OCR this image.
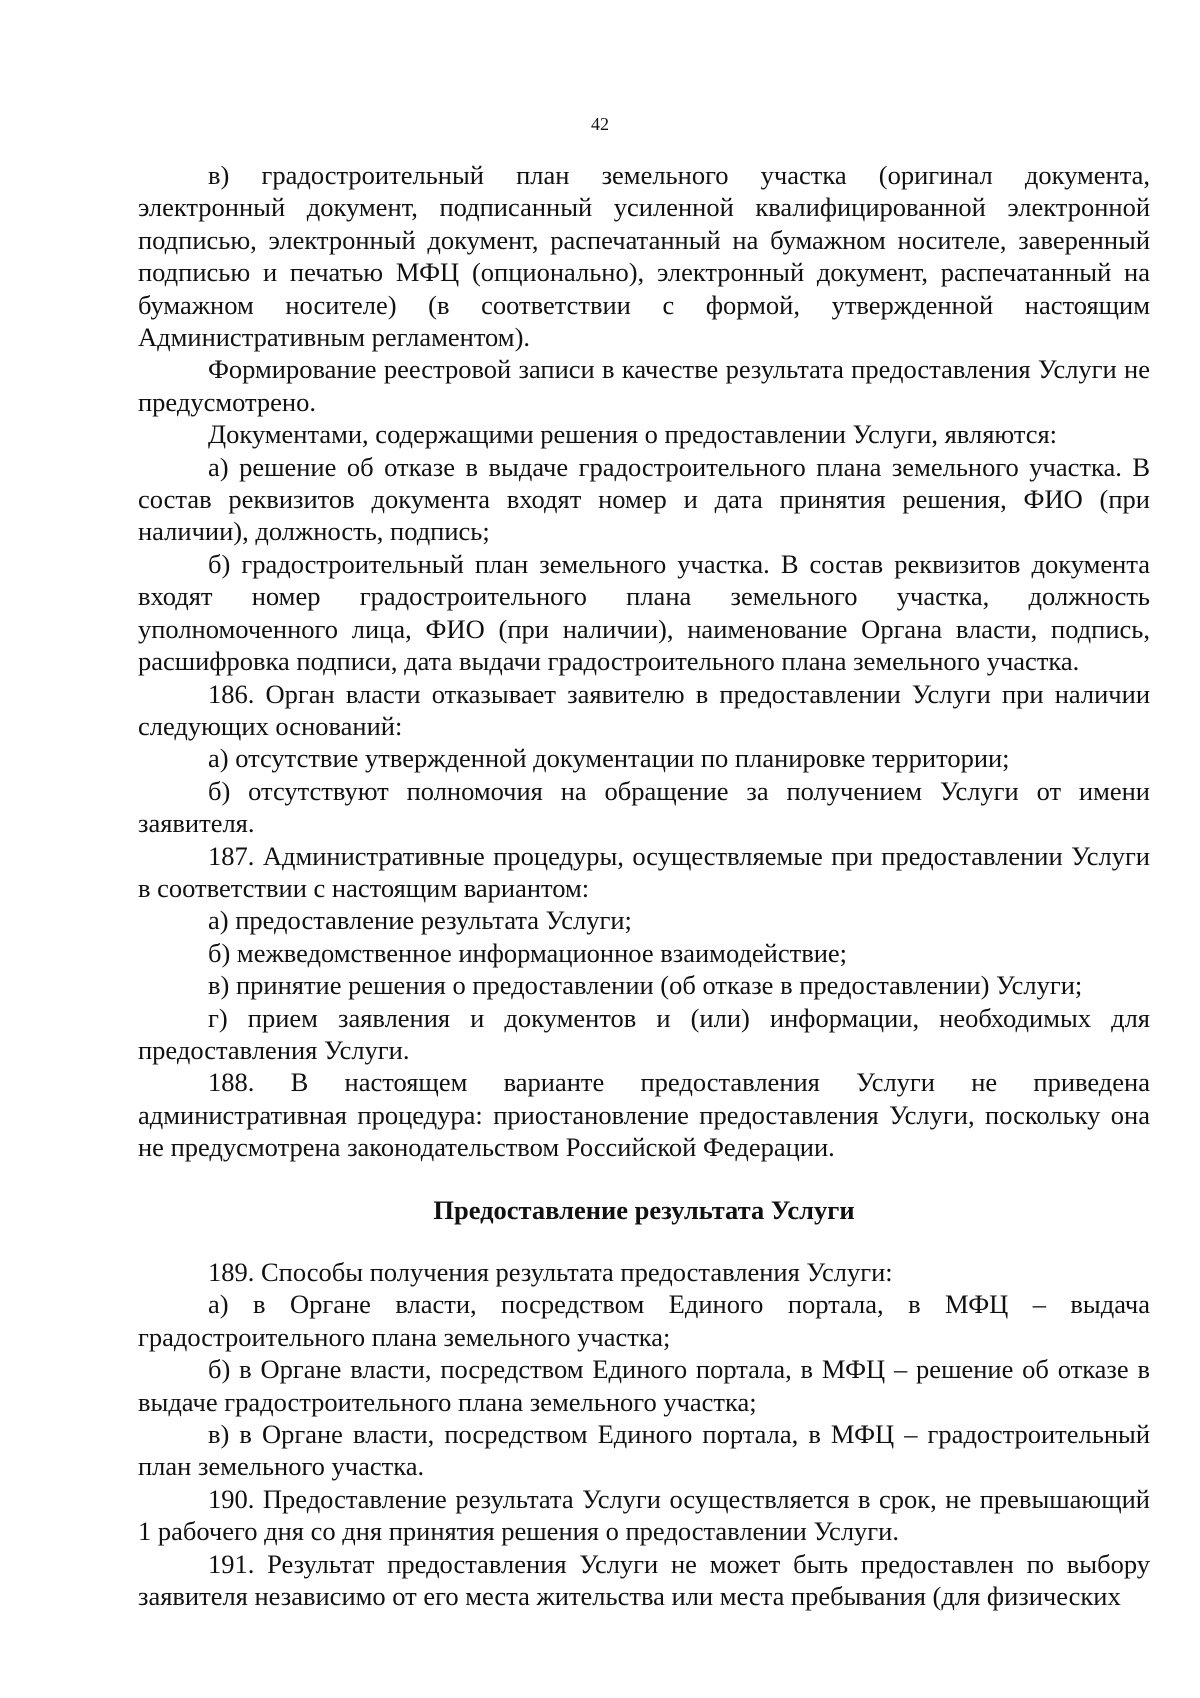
42

в) градостроительный план земельного участка (оригинал документа, электронный документ, подписанный усиленной квалифицированной электронной подписью, электронный документ, распечатанный на бумажном носителе, заверенный подписью и печатью МФЦ (опционально), электронный документ, распечатанный на бумажном носителе) (в соответствии с формой, утвержденной настоящим Административным регламентом).

Формирование реестровой записи в качестве результата предоставления Услуги не предусмотрено.

Документами, содержащими решения о предоставлении Услуги, являются:

а) решение об отказе в выдаче градостроительного плана земельного участка. В состав реквизитов документа входят номер и дата принятия решения, ФИО (при наличии), должность, подпись;

б) градостроительный план земельного участка. В состав реквизитов документа входят номер градостроительного плана земельного участка, должность уполномоченного лица, ФИО (при наличии), наименование Органа власти, подпись, расшифровка подписи, дата выдачи градостроительного плана земельного участка.

186. Орган власти отказывает заявителю в предоставлении Услуги при наличии следующих оснований:

а) отсутствие утвержденной документации по планировке территории;

б) отсутствуют полномочия на обращение за получением Услуги от имени заявителя.

187. Административные процедуры, осуществляемые при предоставлении Услуги в соответствии с настоящим вариантом:

а) предоставление результата Услуги;

б) межведомственное информационное взаимодействие;

в) принятие решения о предоставлении (об отказе в предоставлении) Услуги;

г) прием заявления и документов и (или) информации, необходимых для предоставления Услуги.

188. В настоящем варианте предоставления Услуги не приведена административная процедура: приостановление предоставления Услуги, поскольку она не предусмотрена законодательством Российской Федерации.

Предоставление результата Услуги

189. Способы получения результата предоставления Услуги:

а) в Органе власти, посредством Единого портала, в МФЦ – выдача градостроительного плана земельного участка;

б) в Органе власти, посредством Единого портала, в МФЦ – решение об отказе в выдаче градостроительного плана земельного участка;

в) в Органе власти, посредством Единого портала, в МФЦ – градостроительный план земельного участка.

190. Предоставление результата Услуги осуществляется в срок, не превышающий 1 рабочего дня со дня принятия решения о предоставлении Услуги.

191. Результат предоставления Услуги не может быть предоставлен по выбору заявителя независимо от его места жительства или места пребывания (для физических
